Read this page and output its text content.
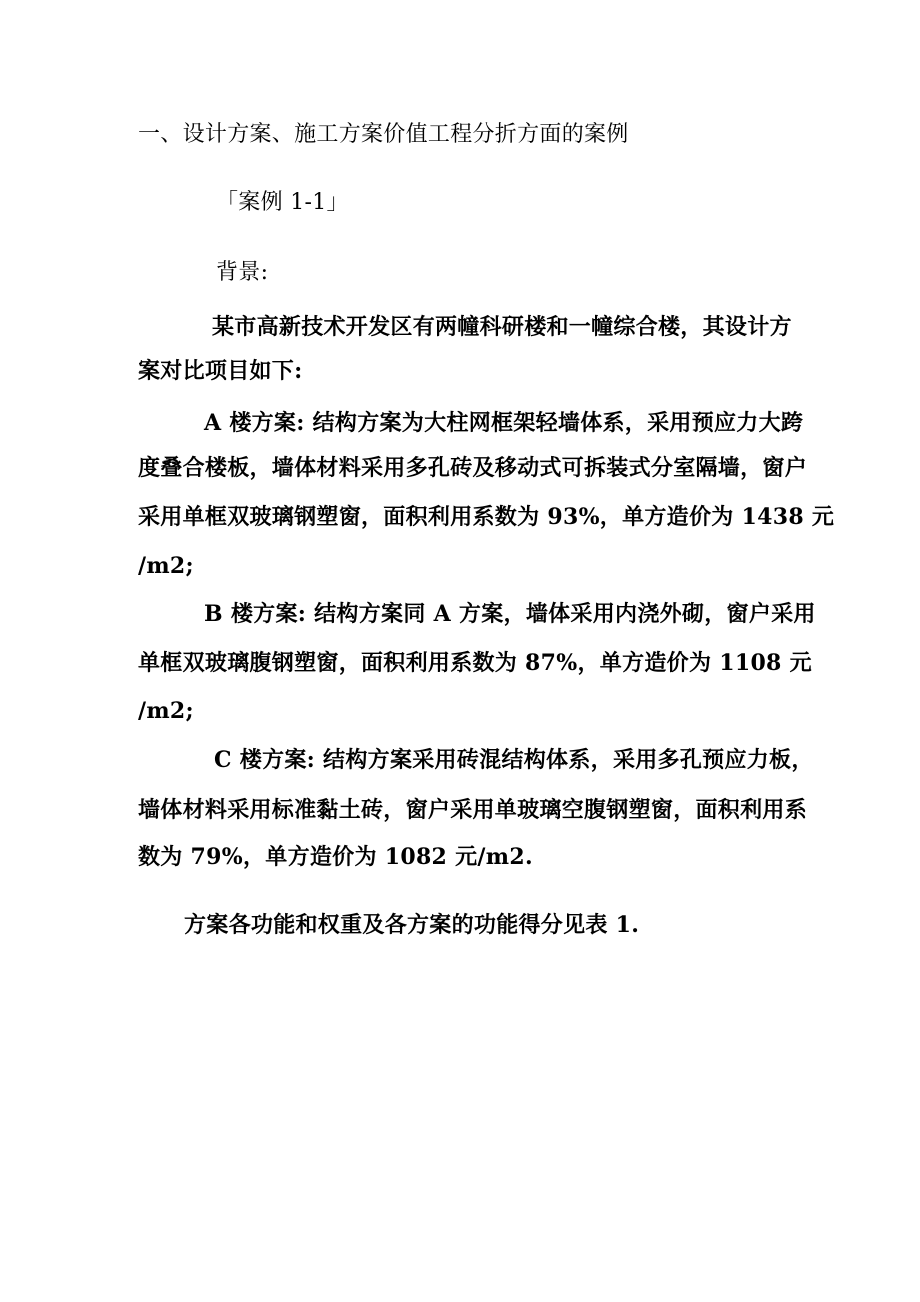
一、设计方案、施工方案价值工程分折方面的案例
「案例 1-1」
背景:
某市高新技术开发区有两幢科研楼和一幢综合楼，其设计方
案对比项目如下:
A 楼方案: 结构方案为大柱网框架轻墙体系，采用预应力大跨
度叠合楼板，墙体材料采用多孔砖及移动式可拆装式分室隔墙，窗户
采用单框双玻璃钢塑窗，面积利用系数为 93%，单方造价为 1438 元
/m2;
B 楼方案: 结构方案同 A 方案，墙体采用内浇外砌，窗户采用
单框双玻璃腹钢塑窗，面积利用系数为 87%，单方造价为 1108 元
/m2;
C 楼方案: 结构方案采用砖混结构体系，采用多孔预应力板，
墙体材料采用标准黏土砖，窗户采用单玻璃空腹钢塑窗，面积利用系
数为 79%，单方造价为 1082 元/m2.
方案各功能和权重及各方案的功能得分见表 1.
